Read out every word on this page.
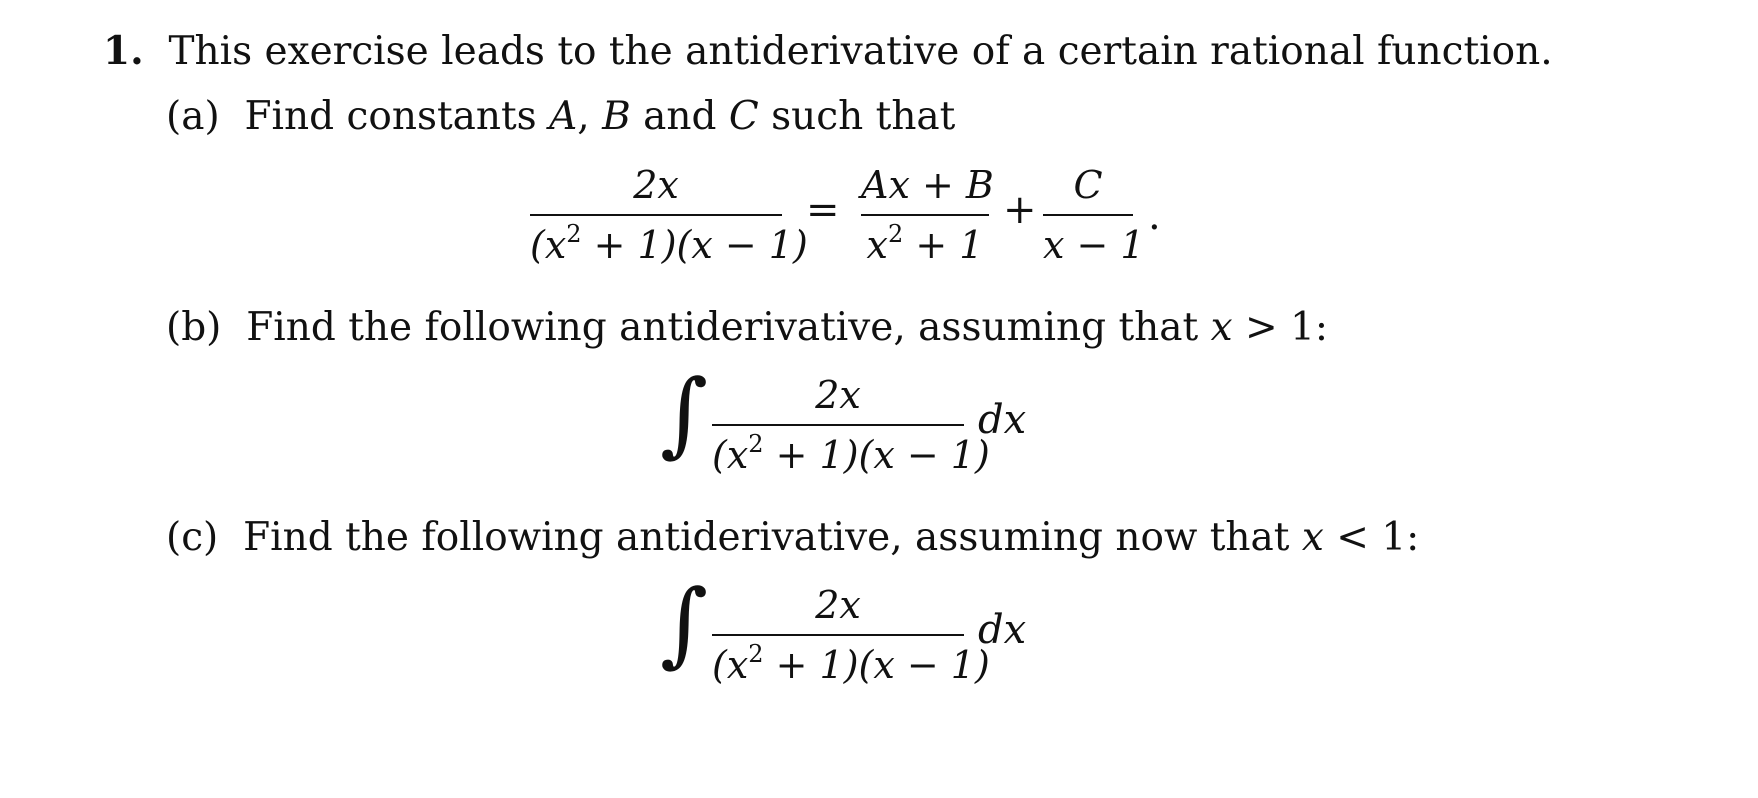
1. This exercise leads to the antiderivative of a certain rational function.
(a) Find constants A, B and C such that
2x
$(x^2 + 1)(x - 1)$
=
Ax + B
$x^2 + 1$
+
C
x − 1
.
(b) Find the following antiderivative, assuming that x > 1:
∫	2x
$(x^2 + 1)(x - 1)$
dx
(c) Find the following antiderivative, assuming now that x < 1:
∫	2x
$(x^2 + 1)(x - 1)$
dx
